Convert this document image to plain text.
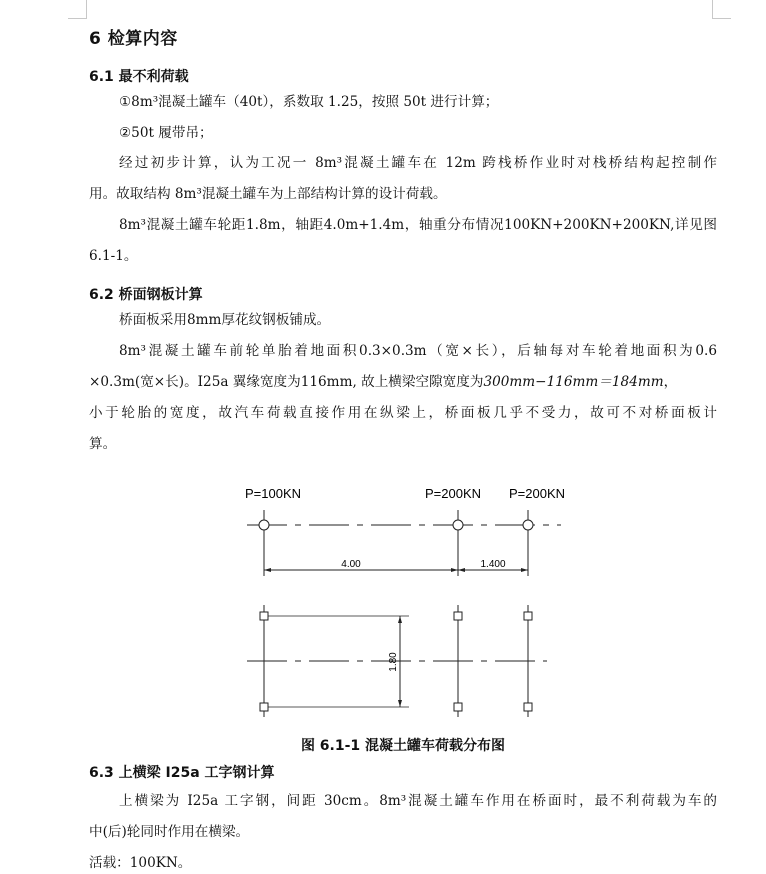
6 检算内容
6.1 最不利荷载

①8m³混凝土罐车（40t），系数取 1.25，按照 50t 进行计算；

②50t 履带吊；

经过初步计算，认为工况一 8m³混凝土罐车在 12m 跨栈桥作业时对栈桥结构起控制作

用。故取结构 8m³混凝土罐车为上部结构计算的设计荷载。

8m³混凝土罐车轮距1.8m，轴距4.0m+1.4m，轴重分布情况100KN+200KN+200KN,详见图

6.1-1。

6.2 桥面钢板计算

桥面板采用8mm厚花纹钢板铺成。

8m³混凝土罐车前轮单胎着地面积0.3×0.3m（宽×长），后轴每对车轮着地面积为0.6

×0.3m(宽×长)。I25a 翼缘宽度为116mm, 故上横梁空隙宽度为300mm−116mm＝184mm，

小于轮胎的宽度，故汽车荷载直接作用在纵梁上，桥面板几乎不受力，故可不对桥面板计

算。

P=100KN	P=200KN P=200KN
4.00	1.400
1.80

图 6.1-1 混凝土罐车荷载分布图

6.3 上横梁 I25a 工字钢计算

上横梁为 I25a 工字钢，间距 30cm。8m³混凝土罐车作用在桥面时，最不利荷载为车的

中(后)轮同时作用在横梁。

活载：100KN。
